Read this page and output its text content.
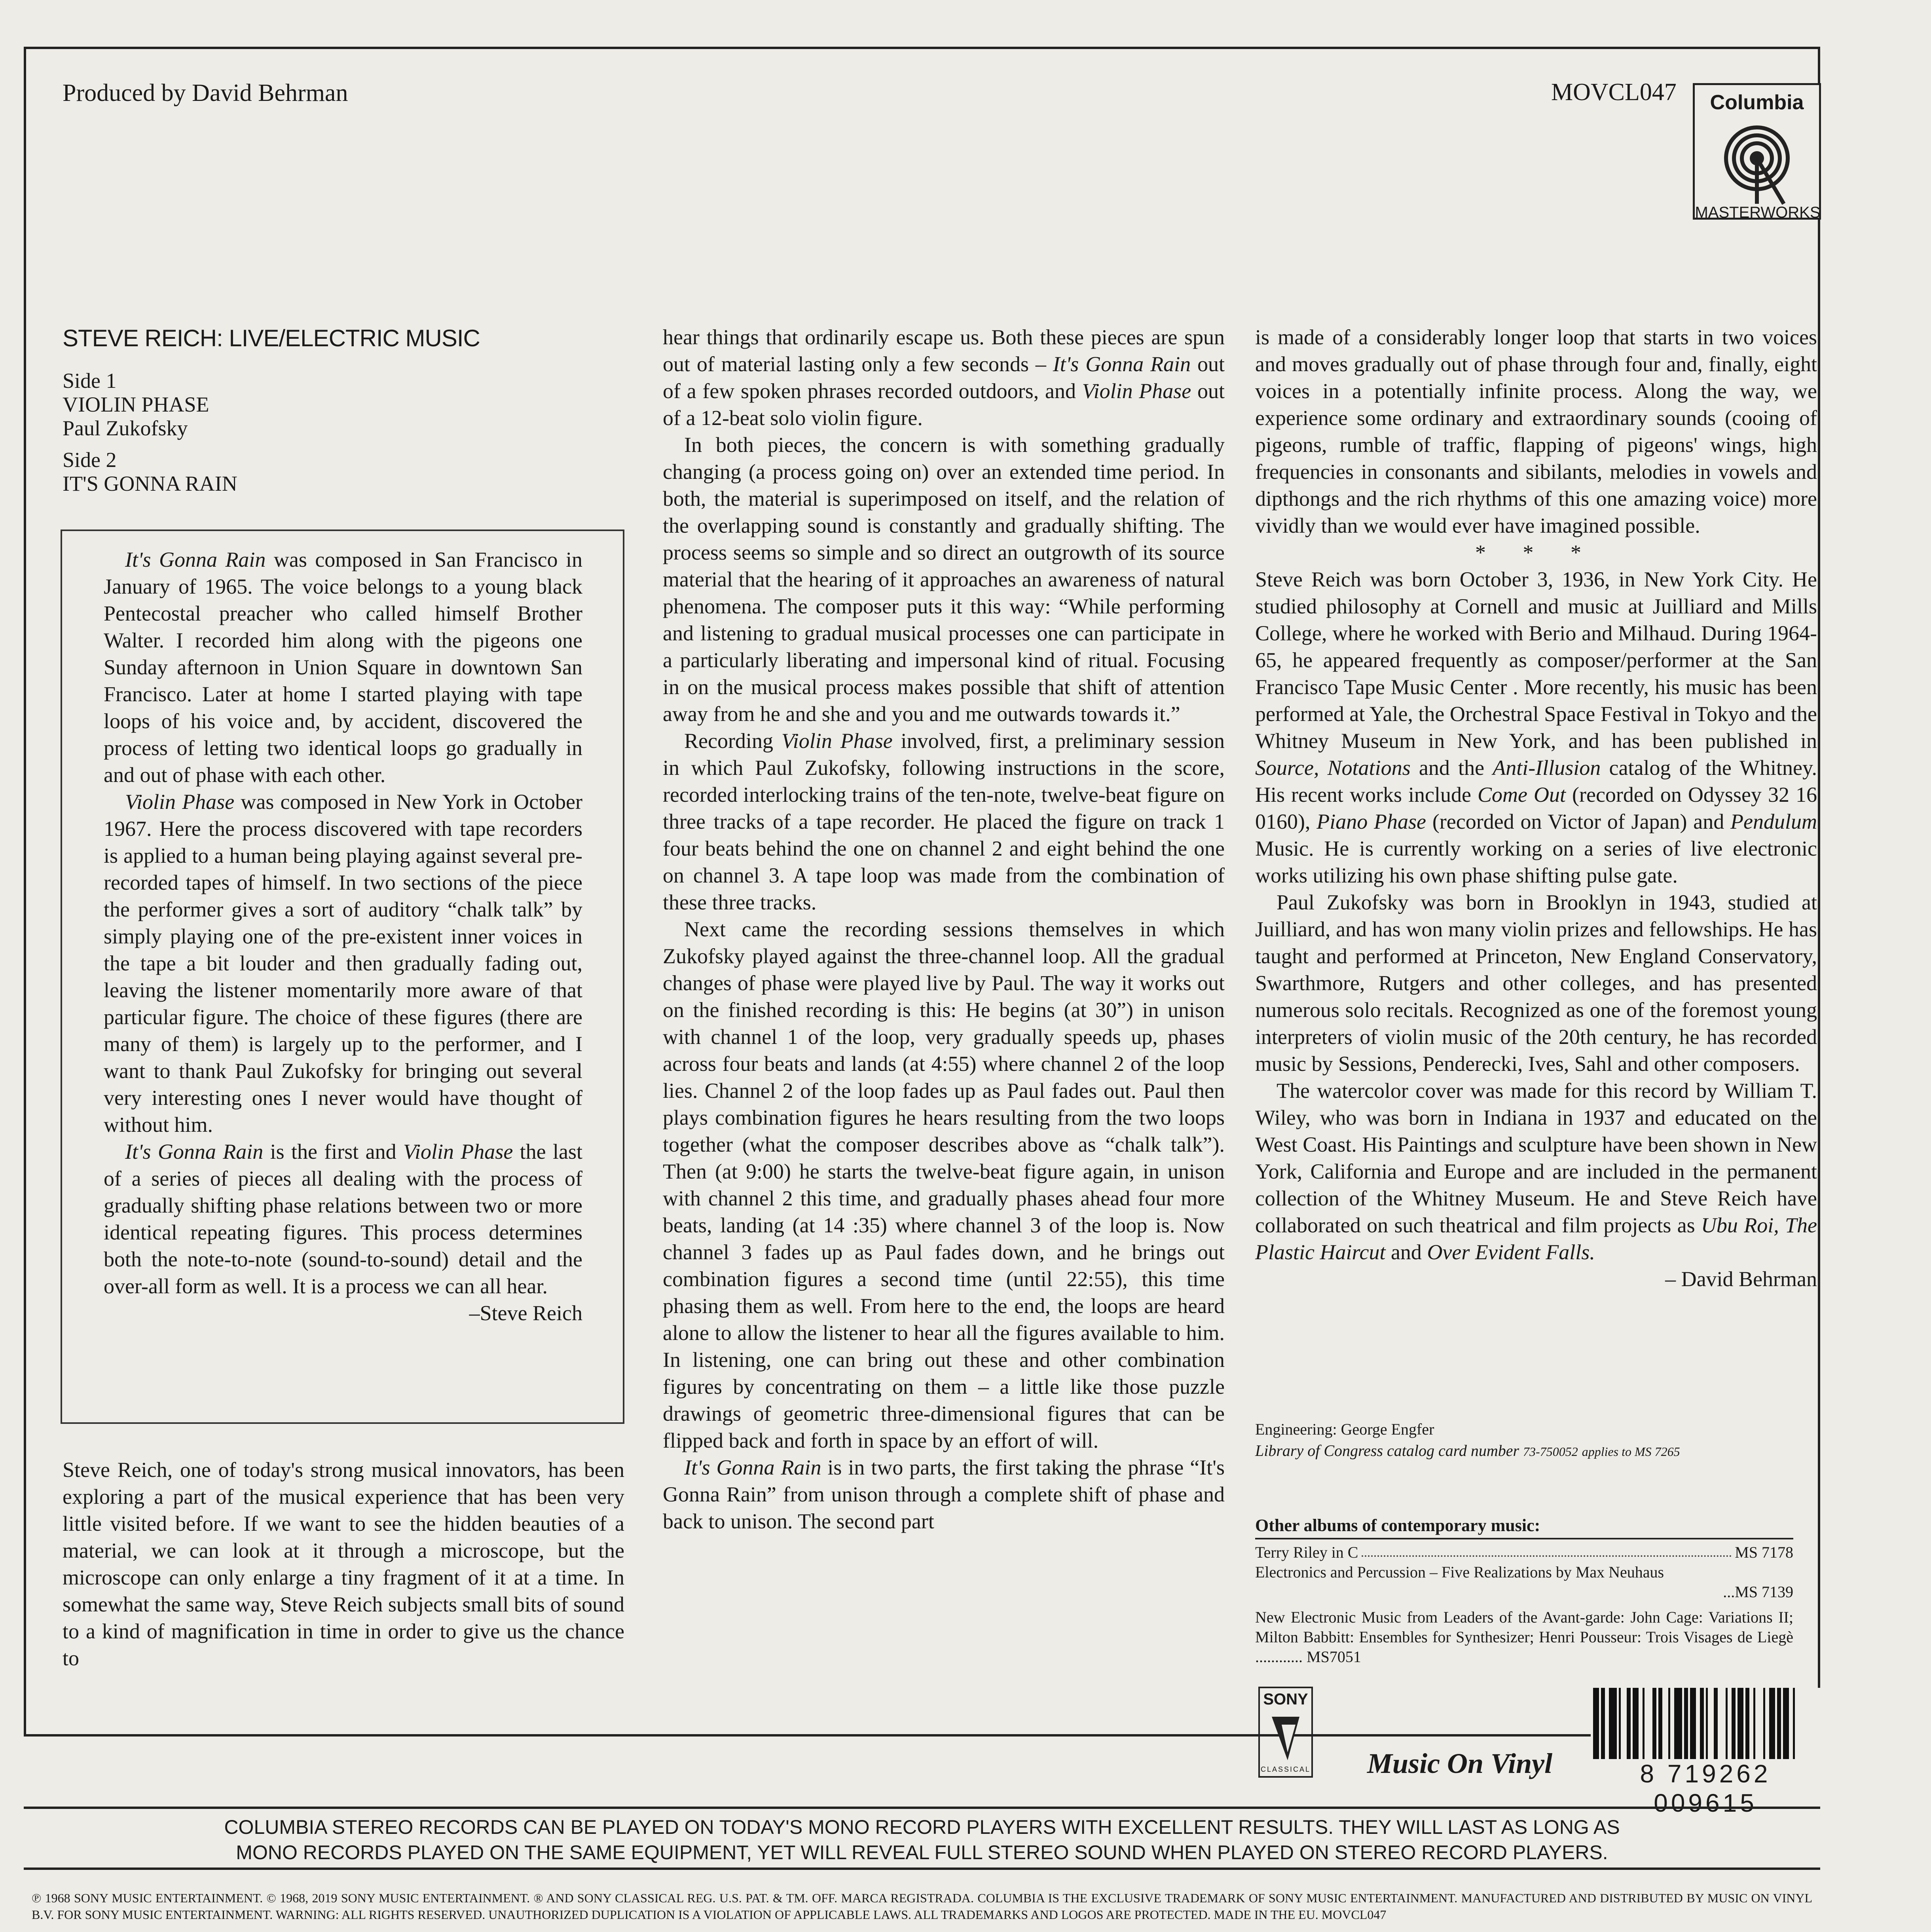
Produced by David Behrman	MOVCL047	Columbia
MASTERWORKS
STEVE REICH: LIVE/ELECTRIC MUSIC
Side 1
VIOLIN PHASE
Paul Zukofsky
Side 2
IT'S GONNA RAIN

It's Gonna Rain was composed in San Francisco in January of 1965. The voice belongs to a young black Pentecostal preacher who called himself Brother Walter. I recorded him along with the pigeons one Sunday afternoon in Union Square in downtown San Francisco. Later at home I started playing with tape loops of his voice and, by accident, discovered the process of letting two identical loops go gradually in and out of phase with each other.

Violin Phase was composed in New York in October 1967. Here the process discovered with tape recorders is applied to a human being playing against several pre-recorded tapes of himself. In two sections of the piece the performer gives a sort of auditory “chalk talk” by simply playing one of the pre-existent inner voices in the tape a bit louder and then gradually fading out, leaving the listener momentarily more aware of that particular figure. The choice of these figures (there are many of them) is largely up to the performer, and I want to thank Paul Zukofsky for bringing out several very interesting ones I never would have thought of without him.

It's Gonna Rain is the first and Violin Phase the last of a series of pieces all dealing with the process of gradually shifting phase relations between two or more identical repeating figures. This process determines both the note-to-note (sound-to-sound) detail and the over-all form as well. It is a process we can all hear.

–Steve Reich

Steve Reich, one of today's strong musical innovators, has been exploring a part of the musical experience that has been very little visited before. If we want to see the hidden beauties of a material, we can look at it through a microscope, but the microscope can only enlarge a tiny fragment of it at a time. In somewhat the same way, Steve Reich subjects small bits of sound to a kind of magnification in time in order to give us the chance to

hear things that ordinarily escape us. Both these pieces are spun out of material lasting only a few seconds – It's Gonna Rain out of a few spoken phrases recorded outdoors, and Violin Phase out of a 12-beat solo violin figure.

In both pieces, the concern is with something gradually changing (a process going on) over an extended time period. In both, the material is superimposed on itself, and the relation of the overlapping sound is constantly and gradually shifting. The process seems so simple and so direct an outgrowth of its source material that the hearing of it approaches an awareness of natural phenomena. The composer puts it this way: “While performing and listening to gradual musical processes one can participate in a particularly liberating and impersonal kind of ritual. Focusing in on the musical process makes possible that shift of attention away from he and she and you and me outwards towards it.”

Recording Violin Phase involved, first, a preliminary session in which Paul Zukofsky, following instructions in the score, recorded interlocking trains of the ten-note, twelve-beat figure on three tracks of a tape recorder. He placed the figure on track 1 four beats behind the one on channel 2 and eight behind the one on channel 3. A tape loop was made from the combination of these three tracks.

Next came the recording sessions themselves in which Zukofsky played against the three-channel loop. All the gradual changes of phase were played live by Paul. The way it works out on the finished recording is this: He begins (at 30”) in unison with channel 1 of the loop, very gradually speeds up, phases across four beats and lands (at 4:55) where channel 2 of the loop lies. Channel 2 of the loop fades up as Paul fades out. Paul then plays combination figures he hears resulting from the two loops together (what the composer describes above as “chalk talk”). Then (at 9:00) he starts the twelve-beat figure again, in unison with channel 2 this time, and gradually phases ahead four more beats, landing (at 14 :35) where channel 3 of the loop is. Now channel 3 fades up as Paul fades down, and he brings out combination figures a second time (until 22:55), this time phasing them as well. From here to the end, the loops are heard alone to allow the listener to hear all the figures available to him. In listening, one can bring out these and other combination figures by concentrating on them – a little like those puzzle drawings of geometric three-dimensional figures that can be flipped back and forth in space by an effort of will.

It's Gonna Rain is in two parts, the first taking the phrase “It's Gonna Rain” from unison through a complete shift of phase and back to unison. The second part

is made of a considerably longer loop that starts in two voices and moves gradually out of phase through four and, finally, eight voices in a potentially infinite process. Along the way, we experience some ordinary and extraordinary sounds (cooing of pigeons, rumble of traffic, flapping of pigeons' wings, high frequencies in consonants and sibilants, melodies in vowels and dipthongs and the rich rhythms of this one amazing voice) more vividly than we would ever have imagined possible.

* * *

Steve Reich was born October 3, 1936, in New York City. He studied philosophy at Cornell and music at Juilliard and Mills College, where he worked with Berio and Milhaud. During 1964-65, he appeared frequently as composer/performer at the San Francisco Tape Music Center . More recently, his music has been performed at Yale, the Orchestral Space Festival in Tokyo and the Whitney Museum in New York, and has been published in Source, Notations and the Anti-Illusion catalog of the Whitney. His recent works include Come Out (recorded on Odyssey 32 16 0160), Piano Phase (recorded on Victor of Japan) and Pendulum Music. He is currently working on a series of live electronic works utilizing his own phase shifting pulse gate.

Paul Zukofsky was born in Brooklyn in 1943, studied at Juilliard, and has won many violin prizes and fellowships. He has taught and performed at Princeton, New England Conservatory, Swarthmore, Rutgers and other colleges, and has presented numerous solo recitals. Recognized as one of the foremost young interpreters of violin music of the 20th century, he has recorded music by Sessions, Penderecki, Ives, Sahl and other composers.

The watercolor cover was made for this record by William T. Wiley, who was born in Indiana in 1937 and educated on the West Coast. His Paintings and sculpture have been shown in New York, California and Europe and are included in the permanent collection of the Whitney Museum. He and Steve Reich have collaborated on such theatrical and film projects as Ubu Roi, The Plastic Haircut and Over Evident Falls.

– David Behrman

Engineering: George Engfer
Library of Congress catalog card number 73-750052 applies to MS 7265
Other albums of contemporary music:
Terry Riley in C	MS 7178
Electronics and Percussion – Five Realizations by Max Neuhaus
...MS 7139
New Electronic Music from Leaders of the Avant-garde: John Cage: Variations II; Milton Babbitt: Ensembles for Synthesizer; Henri Pousseur: Trois Visages de Liegè ............ MS7051
SONY
CLASSICAL Music On Vinyl	8 719262 009615
COLUMBIA STEREO RECORDS CAN BE PLAYED ON TODAY'S MONO RECORD PLAYERS WITH EXCELLENT RESULTS. THEY WILL LAST AS LONG AS
MONO RECORDS PLAYED ON THE SAME EQUIPMENT, YET WILL REVEAL FULL STEREO SOUND WHEN PLAYED ON STEREO RECORD PLAYERS.
℗ 1968 SONY MUSIC ENTERTAINMENT. © 1968, 2019 SONY MUSIC ENTERTAINMENT. ® AND SONY CLASSICAL REG. U.S. PAT. & TM. OFF. MARCA REGISTRADA. COLUMBIA IS THE EXCLUSIVE TRADEMARK OF SONY MUSIC ENTERTAINMENT. MANUFACTURED AND DISTRIBUTED BY MUSIC ON VINYL B.V. FOR SONY MUSIC ENTERTAINMENT. WARNING: ALL RIGHTS RESERVED. UNAUTHORIZED DUPLICATION IS A VIOLATION OF APPLICABLE LAWS. ALL TRADEMARKS AND LOGOS ARE PROTECTED. MADE IN THE EU. MOVCL047
